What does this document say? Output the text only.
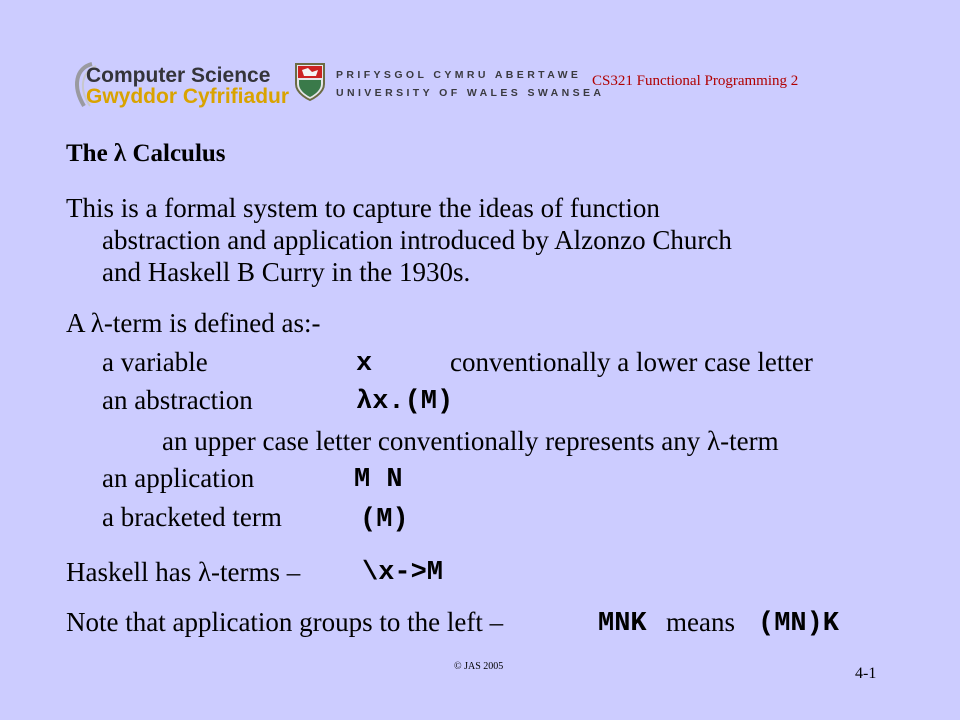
Computer Science
Gwyddor Cyfrifiadur
PRIFYSGOL CYMRU ABERTAWE
UNIVERSITY OF WALES SWANSEA
CS321 Functional Programming 2
The λ Calculus
This is a formal system to capture the ideas of function
abstraction and application introduced by Alzonzo Church
and Haskell B Curry in the 1930s.
A λ-term is defined as:-
a variable	x	conventionally a lower case letter
an abstraction	λx.(M)
an upper case letter conventionally represents any λ-term
an application	M N
a bracketed term	(M)
Haskell has λ-terms – \x->M
Note that application groups to the left –	MNK means (MN)K
© JAS 2005	4-1
